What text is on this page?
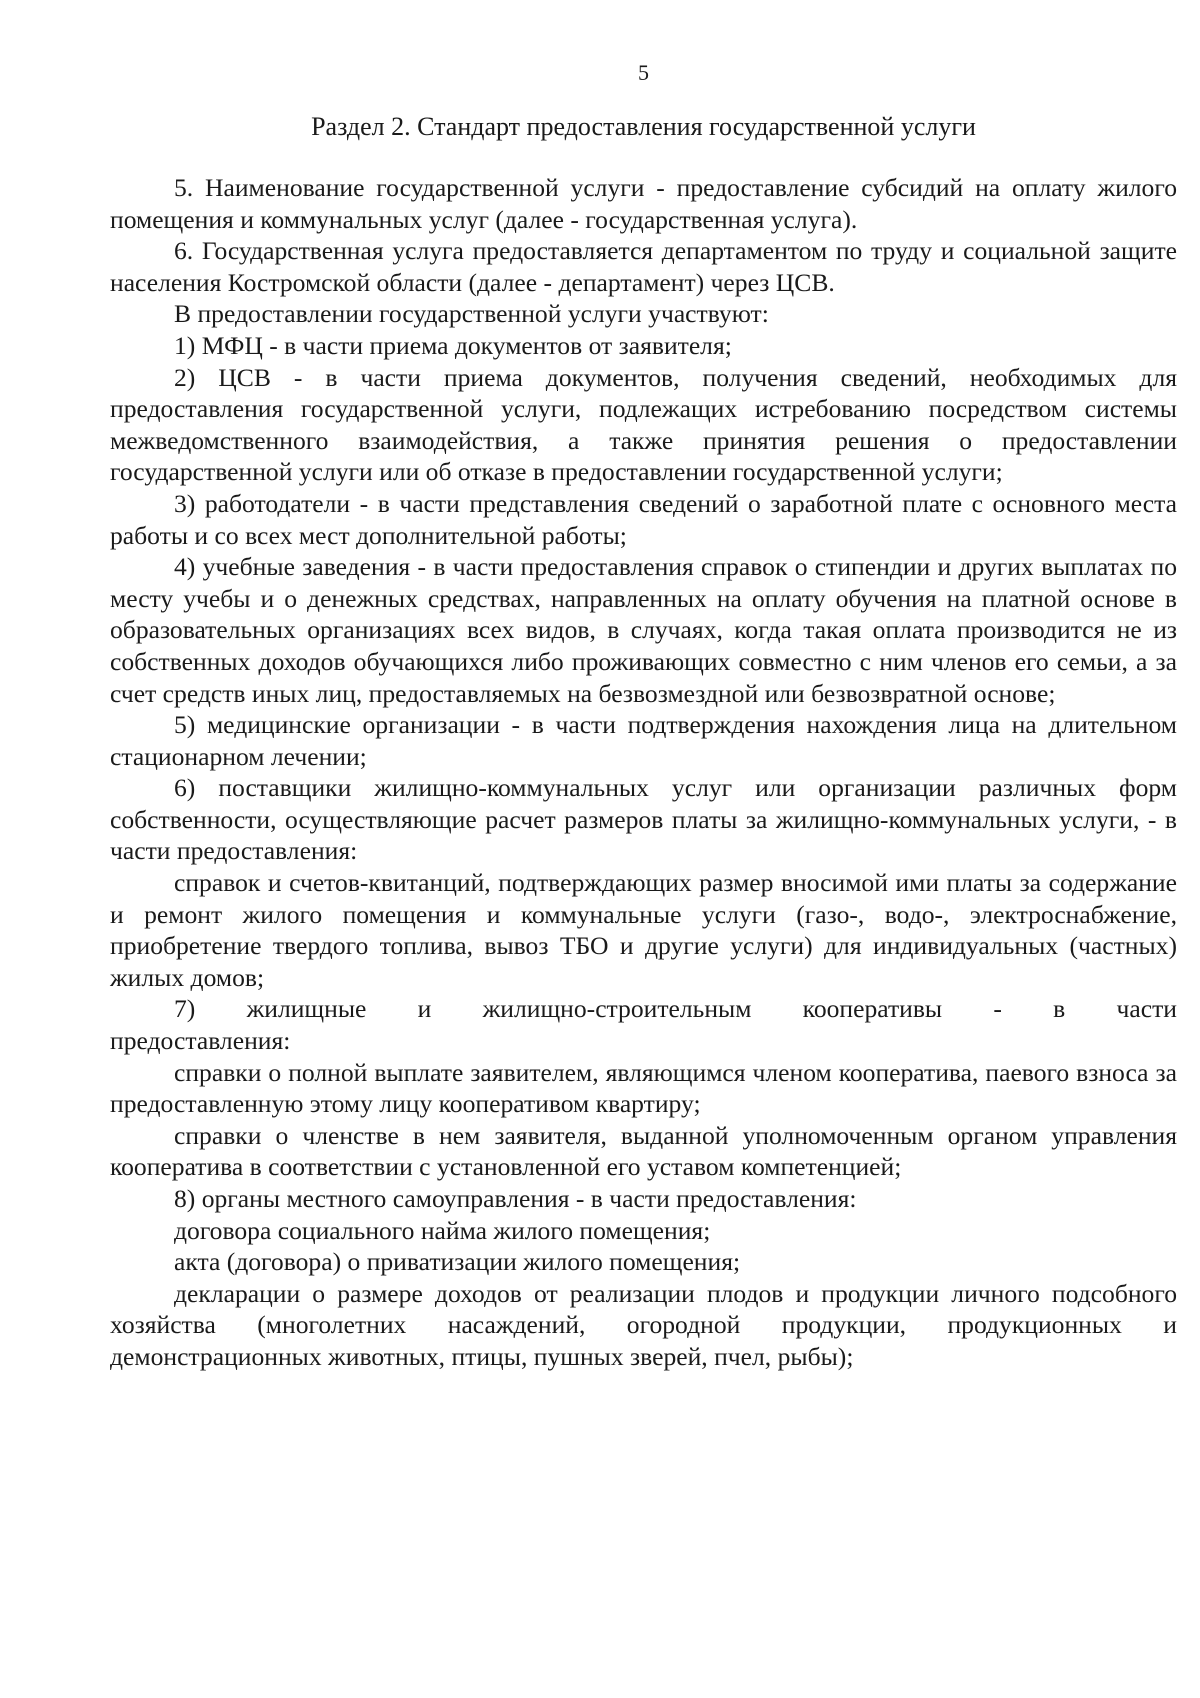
5
Раздел 2. Стандарт предоставления государственной услуги

5. Наименование государственной услуги - предоставление субсидий на оплату жилого помещения и коммунальных услуг (далее - государственная услуга).

6. Государственная услуга предоставляется департаментом по труду и социальной защите населения Костромской области (далее - департамент) через ЦСВ.

В предоставлении государственной услуги участвуют:

1) МФЦ - в части приема документов от заявителя;

2) ЦСВ - в части приема документов, получения сведений, необходимых для предоставления государственной услуги, подлежащих истребованию посредством системы межведомственного взаимодействия, а также принятия решения о предоставлении государственной услуги или об отказе в предоставлении государственной услуги;

3) работодатели - в части представления сведений о заработной плате с основного места работы и со всех мест дополнительной работы;

4) учебные заведения - в части предоставления справок о стипендии и других выплатах по месту учебы и о денежных средствах, направленных на оплату обучения на платной основе в образовательных организациях всех видов, в случаях, когда такая оплата производится не из собственных доходов обучающихся либо проживающих совместно с ним членов его семьи, а за счет средств иных лиц, предоставляемых на безвозмездной или безвозвратной основе;

5) медицинские организации - в части подтверждения нахождения лица на длительном стационарном лечении;

6) поставщики жилищно-коммунальных услуг или организации различных форм собственности, осуществляющие расчет размеров платы за жилищно-коммунальных услуги, - в части предоставления:

справок и счетов-квитанций, подтверждающих размер вносимой ими платы за содержание и ремонт жилого помещения и коммунальные услуги (газо-, водо-, электроснабжение, приобретение твердого топлива, вывоз ТБО и другие услуги) для индивидуальных (частных) жилых домов;

7) жилищные и жилищно-строительным кооперативы - в части

предоставления:

справки о полной выплате заявителем, являющимся членом кооператива, паевого взноса за предоставленную этому лицу кооперативом квартиру;

справки о членстве в нем заявителя, выданной уполномоченным органом управления кооператива в соответствии с установленной его уставом компетенцией;

8) органы местного самоуправления - в части предоставления:

договора социального найма жилого помещения;

акта (договора) о приватизации жилого помещения;

декларации о размере доходов от реализации плодов и продукции личного подсобного хозяйства (многолетних насаждений, огородной продукции, продукционных и демонстрационных животных, птицы, пушных зверей, пчел, рыбы);
